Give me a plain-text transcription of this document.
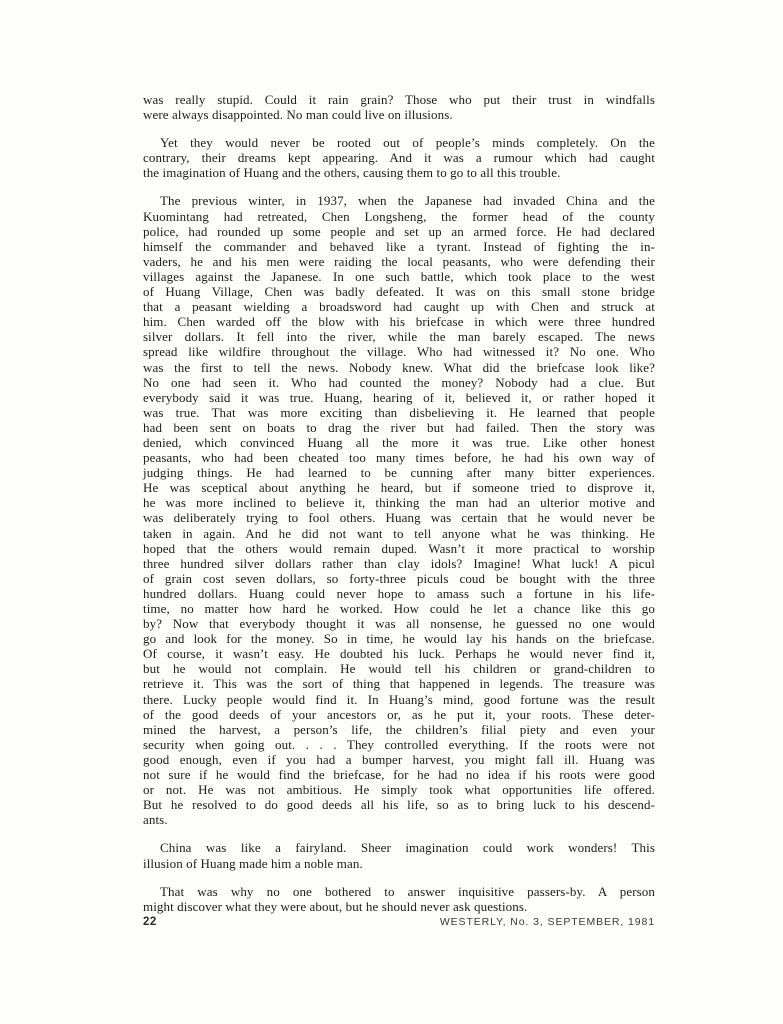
was really stupid. Could it rain grain? Those who put their trust in windfalls
were always disappointed. No man could live on illusions.
Yet they would never be rooted out of people’s minds completely. On the
contrary, their dreams kept appearing. And it was a rumour which had caught
the imagination of Huang and the others, causing them to go to all this trouble.
The previous winter, in 1937, when the Japanese had invaded China and the
Kuomintang had retreated, Chen Longsheng, the former head of the county
police, had rounded up some people and set up an armed force. He had declared
himself the commander and behaved like a tyrant. Instead of fighting the in-
vaders, he and his men were raiding the local peasants, who were defending their
villages against the Japanese. In one such battle, which took place to the west
of Huang Village, Chen was badly defeated. It was on this small stone bridge
that a peasant wielding a broadsword had caught up with Chen and struck at
him. Chen warded off the blow with his briefcase in which were three hundred
silver dollars. It fell into the river, while the man barely escaped. The news
spread like wildfire throughout the village. Who had witnessed it? No one. Who
was the first to tell the news. Nobody knew. What did the briefcase look like?
No one had seen it. Who had counted the money? Nobody had a clue. But
everybody said it was true. Huang, hearing of it, believed it, or rather hoped it
was true. That was more exciting than disbelieving it. He learned that people
had been sent on boats to drag the river but had failed. Then the story was
denied, which convinced Huang all the more it was true. Like other honest
peasants, who had been cheated too many times before, he had his own way of
judging things. He had learned to be cunning after many bitter experiences.
He was sceptical about anything he heard, but if someone tried to disprove it,
he was more inclined to believe it, thinking the man had an ulterior motive and
was deliberately trying to fool others. Huang was certain that he would never be
taken in again. And he did not want to tell anyone what he was thinking. He
hoped that the others would remain duped. Wasn’t it more practical to worship
three hundred silver dollars rather than clay idols? Imagine! What luck! A picul
of grain cost seven dollars, so forty-three piculs coud be bought with the three
hundred dollars. Huang could never hope to amass such a fortune in his life-
time, no matter how hard he worked. How could he let a chance like this go
by? Now that everybody thought it was all nonsense, he guessed no one would
go and look for the money. So in time, he would lay his hands on the briefcase.
Of course, it wasn’t easy. He doubted his luck. Perhaps he would never find it,
but he would not complain. He would tell his children or grand-children to
retrieve it. This was the sort of thing that happened in legends. The treasure was
there. Lucky people would find it. In Huang’s mind, good fortune was the result
of the good deeds of your ancestors or, as he put it, your roots. These deter-
mined the harvest, a person’s life, the children’s filial piety and even your
security when going out. . . . They controlled everything. If the roots were not
good enough, even if you had a bumper harvest, you might fall ill. Huang was
not sure if he would find the briefcase, for he had no idea if his roots were good
or not. He was not ambitious. He simply took what opportunities life offered.
But he resolved to do good deeds all his life, so as to bring luck to his descend-
ants.
China was like a fairyland. Sheer imagination could work wonders! This
illusion of Huang made him a noble man.
That was why no one bothered to answer inquisitive passers-by. A person
might discover what they were about, but he should never ask questions.
22	WESTERLY, No. 3, SEPTEMBER, 1981
